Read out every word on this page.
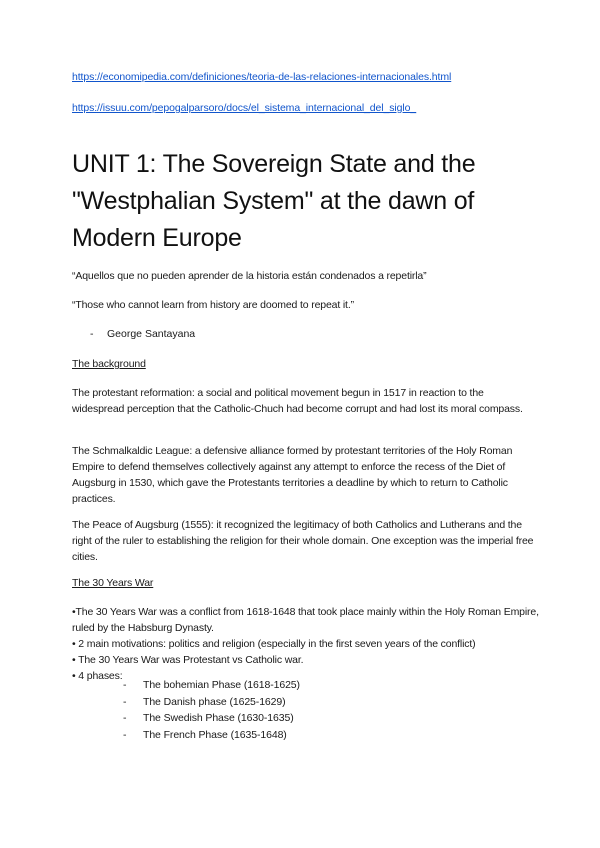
https://economipedia.com/definiciones/teoria-de-las-relaciones-internacionales.html
https://issuu.com/pepogalparsoro/docs/el_sistema_internacional_del_siglo_
UNIT 1: The Sovereign State and the "Westphalian System" at the dawn of Modern Europe

“Aquellos que no pueden aprender de la historia están condenados a repetirla”

“Those who cannot learn from history are doomed to repeat it.”

- George Santayana

The background

The protestant reformation: a social and political movement begun in 1517 in reaction to the widespread perception that the Catholic-Chuch had become corrupt and had lost its moral compass.

The Schmalkaldic League: a defensive alliance formed by protestant territories of the Holy Roman Empire to defend themselves collectively against any attempt to enforce the recess of the Diet of Augsburg in 1530, which gave the Protestants territories a deadline by which to return to Catholic practices.

The Peace of Augsburg (1555): it recognized the legitimacy of both Catholics and Lutherans and the right of the ruler to establishing the religion for their whole domain. One exception was the imperial free cities.

The 30 Years War

•The 30 Years War was a conflict from 1618-1648 that took place mainly within the Holy Roman Empire, ruled by the Habsburg Dynasty.
• 2 main motivations: politics and religion (especially in the first seven years of the conflict)
• The 30 Years War was Protestant vs Catholic war.
• 4 phases:
- The bohemian Phase (1618-1625)
- The Danish phase (1625-1629)
- The Swedish Phase (1630-1635)
- The French Phase (1635-1648)
